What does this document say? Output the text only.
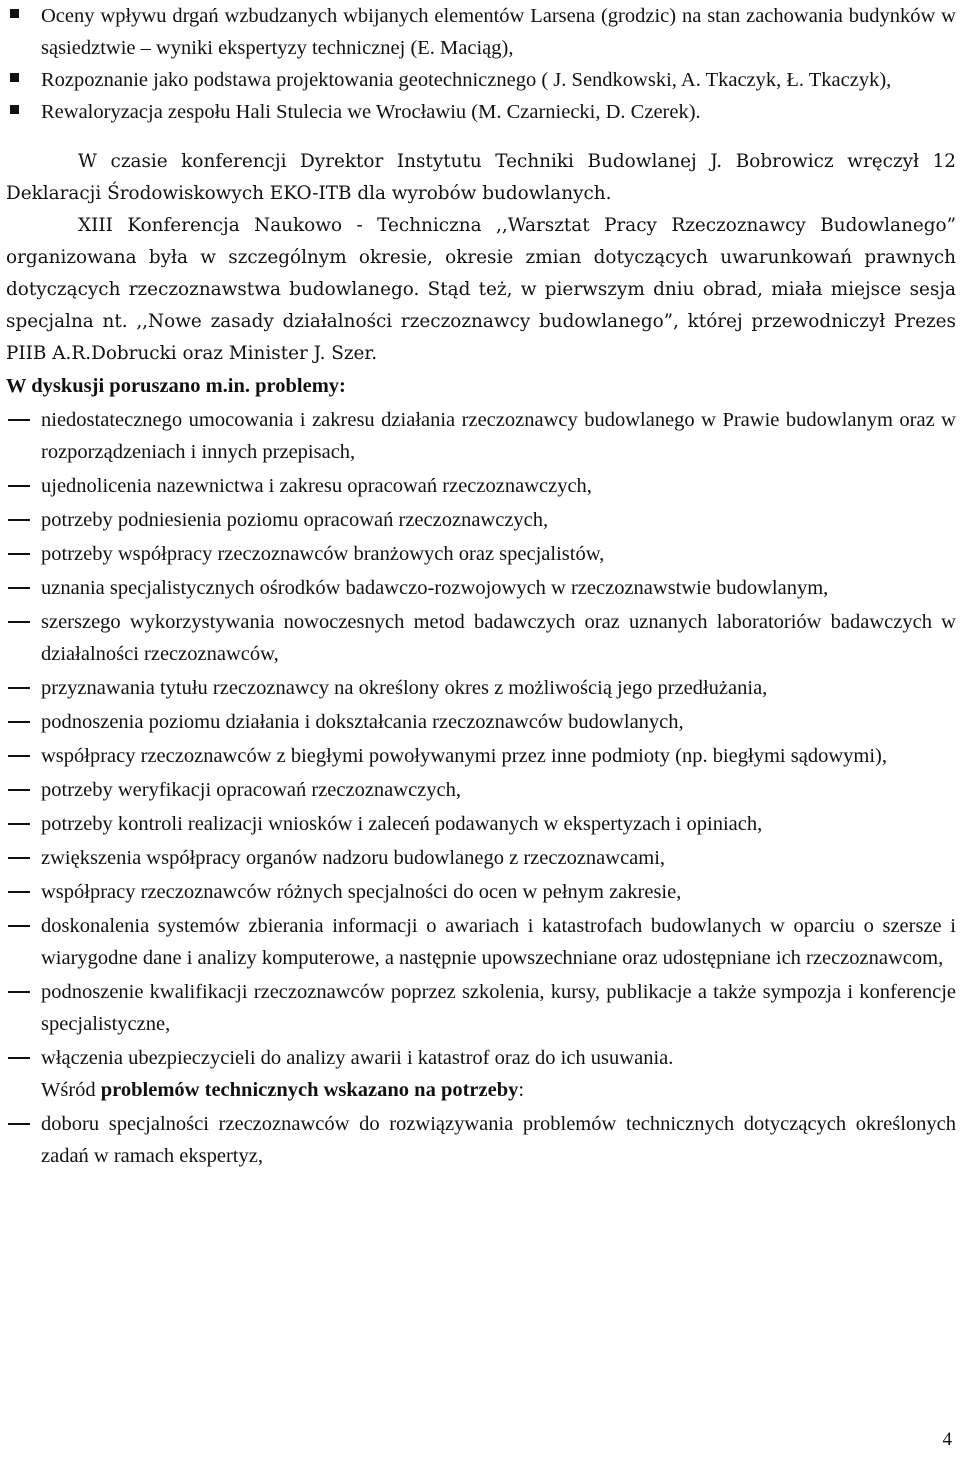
Oceny wpływu drgań wzbudzanych wbijanych elementów Larsena (grodzic) na stan zachowania budynków w sąsiedztwie – wyniki ekspertyzy technicznej (E. Maciąg),
Rozpoznanie jako podstawa projektowania geotechnicznego ( J. Sendkowski, A. Tkaczyk, Ł. Tkaczyk),
Rewaloryzacja zespołu Hali Stulecia we Wrocławiu (M. Czarniecki, D. Czerek).

W czasie konferencji Dyrektor Instytutu Techniki Budowlanej J. Bobrowicz wręczył 12 Deklaracji Środowiskowych EKO-ITB dla wyrobów budowlanych.

XIII Konferencja Naukowo - Techniczna ,,Warsztat Pracy Rzeczoznawcy Budowlanego” organizowana była w szczególnym okresie, okresie zmian dotyczących uwarunkowań prawnych dotyczących rzeczoznawstwa budowlanego. Stąd też, w pierwszym dniu obrad, miała miejsce sesja specjalna nt. ,,Nowe zasady działalności rzeczoznawcy budowlanego”, której przewodniczył Prezes PIIB A.R.Dobrucki oraz Minister J. Szer.

W dyskusji poruszano m.in. problemy:

niedostatecznego umocowania i zakresu działania rzeczoznawcy budowlanego w Prawie budowlanym oraz w rozporządzeniach i innych przepisach,
ujednolicenia nazewnictwa i zakresu opracowań rzeczoznawczych,
potrzeby podniesienia poziomu opracowań rzeczoznawczych,
potrzeby współpracy rzeczoznawców branżowych oraz specjalistów,
uznania specjalistycznych ośrodków badawczo-rozwojowych w rzeczoznawstwie budowlanym,
szerszego wykorzystywania nowoczesnych metod badawczych oraz uznanych laboratoriów badawczych w działalności rzeczoznawców,
przyznawania tytułu rzeczoznawcy na określony okres z możliwością jego przedłużania,
podnoszenia poziomu działania i dokształcania rzeczoznawców budowlanych,
współpracy rzeczoznawców z biegłymi powoływanymi przez inne podmioty (np. biegłymi sądowymi),
potrzeby weryfikacji opracowań rzeczoznawczych,
potrzeby kontroli realizacji wniosków i zaleceń podawanych w ekspertyzach i opiniach,
zwiększenia współpracy organów nadzoru budowlanego z rzeczoznawcami,
współpracy rzeczoznawców różnych specjalności do ocen w pełnym zakresie,
doskonalenia systemów zbierania informacji o awariach i katastrofach budowlanych w oparciu o szersze i wiarygodne dane i analizy komputerowe, a następnie upowszechniane oraz udostępniane ich rzeczoznawcom,
podnoszenie kwalifikacji rzeczoznawców poprzez szkolenia, kursy, publikacje a także sympozja i konferencje specjalistyczne,
włączenia ubezpieczycieli do analizy awarii i katastrof oraz do ich usuwania.

Wśród problemów technicznych wskazano na potrzeby:

doboru specjalności rzeczoznawców do rozwiązywania problemów technicznych dotyczących określonych zadań w ramach ekspertyz,
4
